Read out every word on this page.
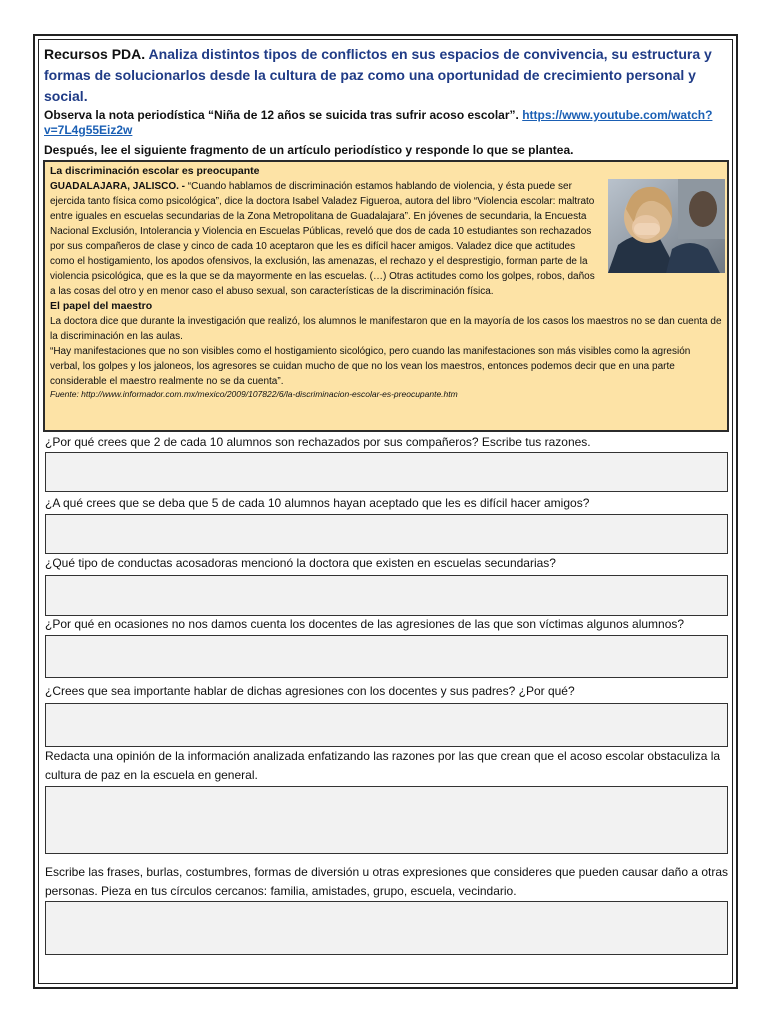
Recursos PDA. Analiza distintos tipos de conflictos en sus espacios de convivencia, su estructura y formas de solucionarlos desde la cultura de paz como una oportunidad de crecimiento personal y social.
Observa la nota periodística “Niña de 12 años se suicida tras sufrir acoso escolar”. https://www.youtube.com/watch?v=7L4g55Eiz2w
Después, lee el siguiente fragmento de un artículo periodístico y responde lo que se plantea.
La discriminación escolar es preocupante

GUADALAJARA, JALISCO. - “Cuando hablamos de discriminación estamos hablando de violencia, y ésta puede ser ejercida tanto física como psicológica”, dice la doctora Isabel Valadez Figueroa, autora del libro “Violencia escolar: maltrato entre iguales en escuelas secundarias de la Zona Metropolitana de Guadalajara”. En jóvenes de secundaria, la Encuesta Nacional Exclusión, Intolerancia y Violencia en Escuelas Públicas, reveló que dos de cada 10 estudiantes son rechazados por sus compañeros de clase y cinco de cada 10 aceptaron que les es difícil hacer amigos. Valadez dice que actitudes como el hostigamiento, los apodos ofensivos, la exclusión, las amenazas, el rechazo y el desprestigio, forman parte de la violencia psicológica, que es la que se da mayormente en las escuelas. (…) Otras actitudes como los golpes, robos, daños a las cosas del otro y en menor caso el abuso sexual, son características de la discriminación física.

El papel del maestro

La doctora dice que durante la investigación que realizó, los alumnos le manifestaron que en la mayoría de los casos los maestros no se dan cuenta de la discriminación en las aulas.

“Hay manifestaciones que no son visibles como el hostigamiento sicológico, pero cuando las manifestaciones son más visibles como la agresión verbal, los golpes y los jaloneos, los agresores se cuidan mucho de que no los vean los maestros, entonces podemos decir que en una parte considerable el maestro realmente no se da cuenta”.

Fuente: http://www.informador.com.mx/mexico/2009/107822/6/la-discriminacion-escolar-es-preocupante.htm

¿Por qué crees que 2 de cada 10 alumnos son rechazados por sus compañeros? Escribe tus razones.
¿A qué crees que se deba que 5 de cada 10 alumnos hayan aceptado que les es difícil hacer amigos?
¿Qué tipo de conductas acosadoras mencionó la doctora que existen en escuelas secundarias?
¿Por qué en ocasiones no nos damos cuenta los docentes de las agresiones de las que son víctimas algunos alumnos?
¿Crees que sea importante hablar de dichas agresiones con los docentes y sus padres? ¿Por qué?
Redacta una opinión de la información analizada enfatizando las razones por las que crean que el acoso escolar obstaculiza la cultura de paz en la escuela en general.
Escribe las frases, burlas, costumbres, formas de diversión u otras expresiones que consideres que pueden causar daño a otras personas. Pieza en tus círculos cercanos: familia, amistades, grupo, escuela, vecindario.
